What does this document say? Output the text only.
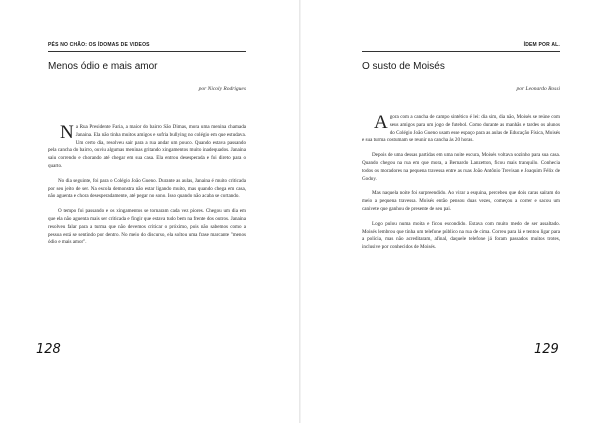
PÉS NO CHÃO: OS ÍDOMAS DE VIDEOS
Menos ódio e mais amor
por Nicoly Rodrigues

Na Rua Presidente Faria, a maior do bairro São Dimas, mora uma menina chamada Janaina. Ela não tinha muitos amigos e sofria bullying no colégio em que estudava. Um certo dia, resolveu sair para a rua andar um pouco. Quando estava passando pela cancha do bairro, ouviu algumas meninas gritando xingamentos muito inadequados. Janaina saiu correndo e chorando até chegar em sua casa. Ela entrou desesperada e foi direto para o quarto.

No dia seguinte, foi para o Colégio João Gueno. Durante as aulas, Janaina é muito criticada por seu jeito de ser. Na escola demonstra não estar ligando muito, mas quando chega em casa, não aguenta e chora desesperadamente, até pegar no sono. Isso quando não acaba se cortando.

O tempo foi passando e os xingamentos se tornaram cada vez piores. Chegou um dia em que ela não aguenta mais ser criticada e fingir que estava tudo bem na frente dos outros. Janaina resolveu falar para a turma que não devemos criticar o próximo, pois não sabemos como a pessoa está se sentindo por dentro. No meio do discurso, ela soltou uma frase marcante "menos ódio e mais amor".

128
ÍDEM POR AL.
O susto de Moisés
por Leonardo Rossi

Agora com a cancha de campo sintético é lei: dia sim, dia não, Moisés se reúne com seus amigos para um jogo de futebol. Como durante as manhãs e tardes os alunos do Colégio João Gueno usam esse espaço para as aulas de Educação Física, Moisés e sua turma costumam se reunir na cancha às 20 horas.

Depois de uma dessas partidas em uma noite escura, Moisés voltava sozinho para sua casa. Quando chegou na rua em que mora, a Bernardo Lanzetton, ficou mais tranquilo. Conhecia todos os moradores na pequena travessa entre as ruas João Antônio Trevisan e Joaquim Félix de Godoy.

Mas naquela noite foi surpreendido. Ao virar a esquina, percebeu que dois caras saíram do meio a pequena travessa. Moisés então pensou duas vezes, começou a correr e sacou um canivete que ganhou de presente de seu pai.

Logo pulou numa moita e ficou escondido. Estava com muito medo de ser assaltado. Moisés lembrou que tinha um telefone público na rua de cima. Correu para lá e tentou ligar para a polícia, mas não acreditaram, afinal, daquele telefone já foram passados muitos trotes, inclusive por conhecidos de Moisés.

129
